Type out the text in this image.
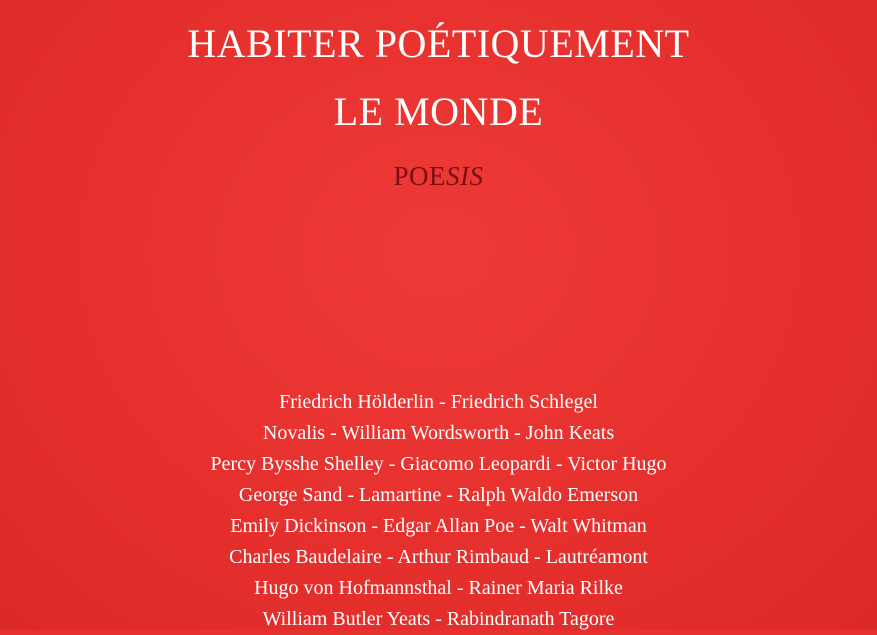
HABITER POÉTIQUEMENT
LE MONDE
POESIS
Friedrich Hölderlin - Friedrich Schlegel
Novalis - William Wordsworth - John Keats
Percy Bysshe Shelley - Giacomo Leopardi - Victor Hugo
George Sand - Lamartine - Ralph Waldo Emerson
Emily Dickinson - Edgar Allan Poe - Walt Whitman
Charles Baudelaire - Arthur Rimbaud - Lautréamont
Hugo von Hofmannsthal - Rainer Maria Rilke
William Butler Yeats - Rabindranath Tagore
